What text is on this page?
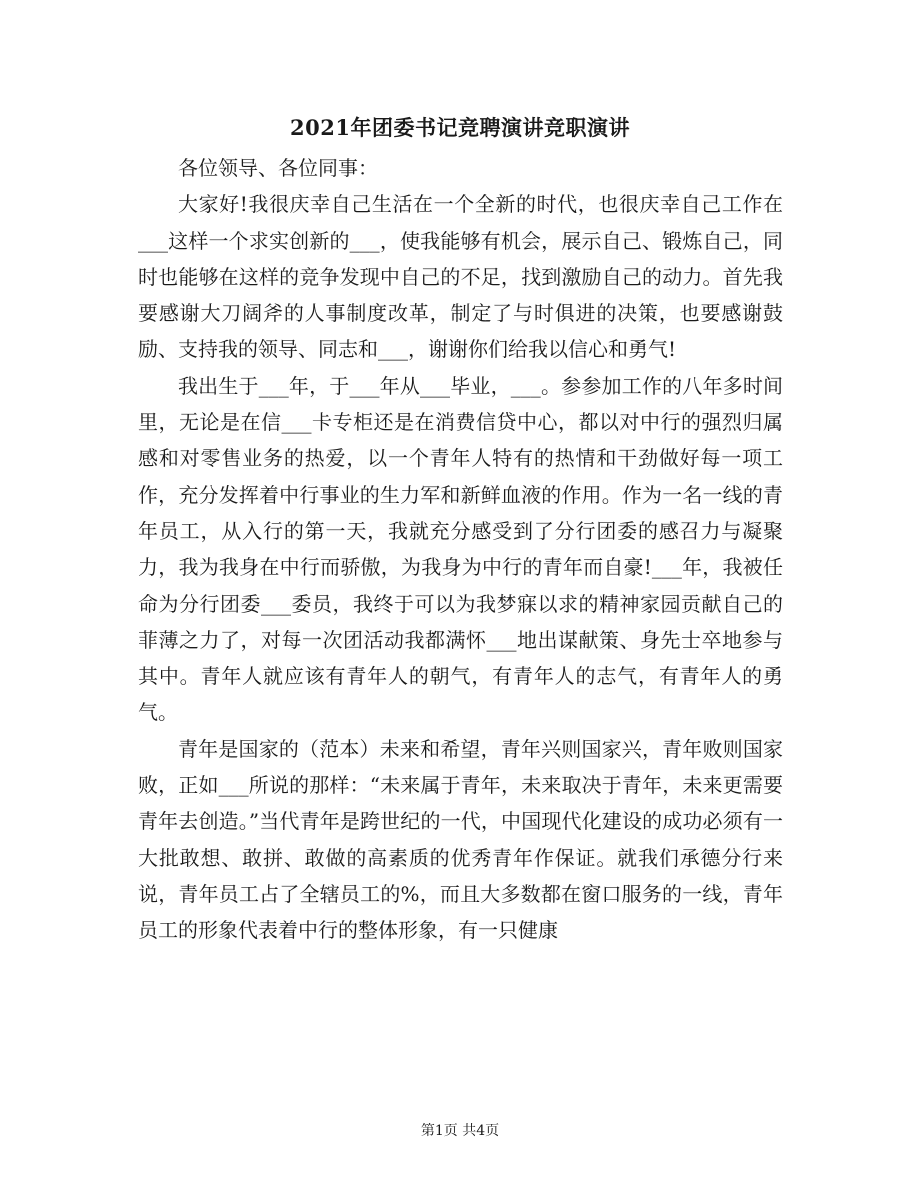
2021年团委书记竞聘演讲竞职演讲

各位领导、各位同事：

大家好!我很庆幸自己生活在一个全新的时代，也很庆幸自己工作在___这样一个求实创新的___，使我能够有机会，展示自己、锻炼自己，同时也能够在这样的竞争发现中自己的不足，找到激励自己的动力。首先我要感谢大刀阔斧的人事制度改革，制定了与时俱进的决策，也要感谢鼓励、支持我的领导、同志和___，谢谢你们给我以信心和勇气!

我出生于___年，于___年从___毕业，___。参参加工作的八年多时间里，无论是在信___卡专柜还是在消费信贷中心，都以对中行的强烈归属感和对零售业务的热爱，以一个青年人特有的热情和干劲做好每一项工作，充分发挥着中行事业的生力军和新鲜血液的作用。作为一名一线的青年员工，从入行的第一天，我就充分感受到了分行团委的感召力与凝聚力，我为我身在中行而骄傲，为我身为中行的青年而自豪!___年，我被任命为分行团委___委员，我终于可以为我梦寐以求的精神家园贡献自己的菲薄之力了，对每一次团活动我都满怀___地出谋献策、身先士卒地参与其中。青年人就应该有青年人的朝气，有青年人的志气，有青年人的勇气。

青年是国家的（范本）未来和希望，青年兴则国家兴，青年败则国家败，正如___所说的那样：“未来属于青年，未来取决于青年，未来更需要青年去创造。”当代青年是跨世纪的一代，中国现代化建设的成功必须有一大批敢想、敢拼、敢做的高素质的优秀青年作保证。就我们承德分行来说，青年员工占了全辖员工的%，而且大多数都在窗口服务的一线，青年员工的形象代表着中行的整体形象，有一只健康

第1页 共4页
